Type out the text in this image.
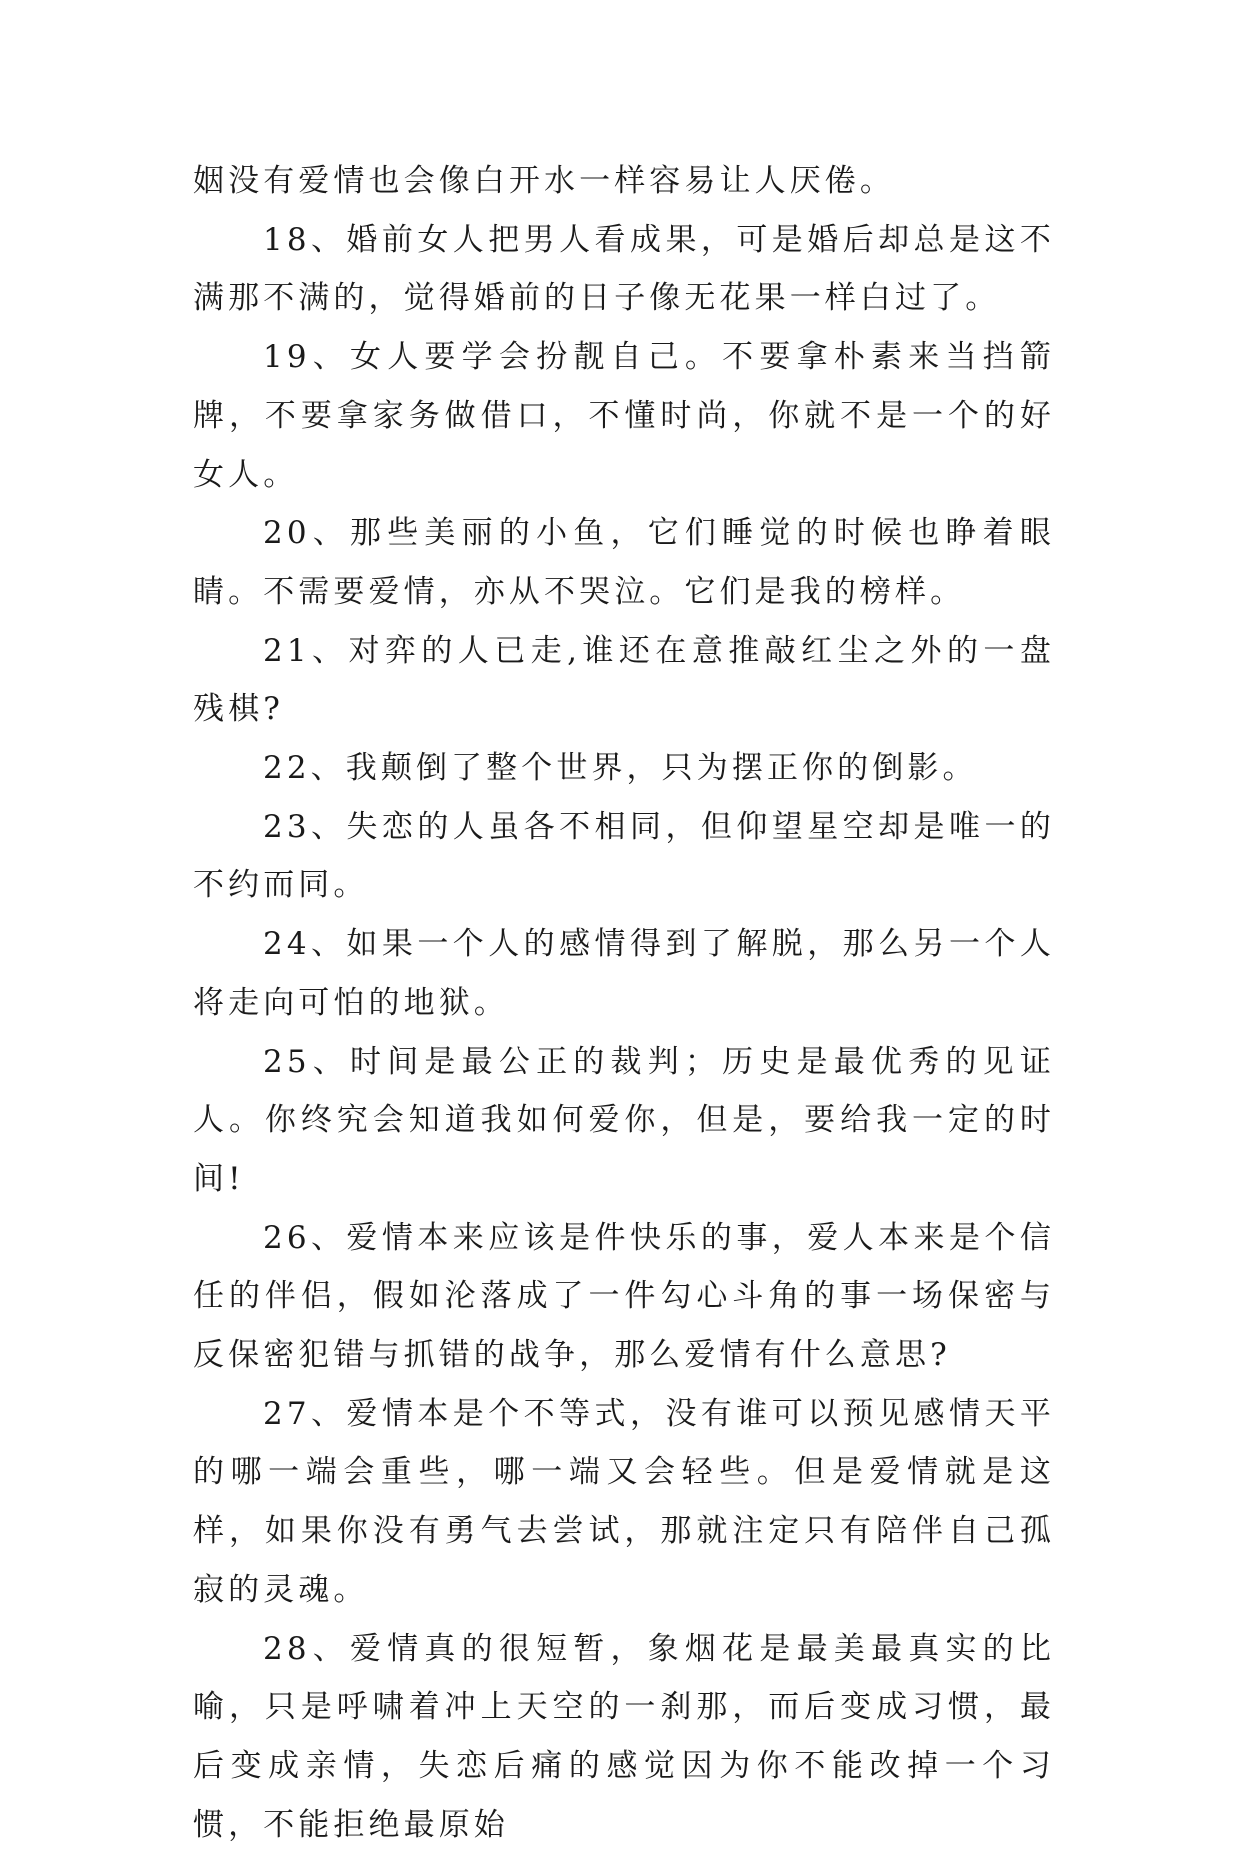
姻没有爱情也会像白开水一样容易让人厌倦。

18、婚前女人把男人看成果，可是婚后却总是这不满那不满的，觉得婚前的日子像无花果一样白过了。

19、女人要学会扮靓自己。不要拿朴素来当挡箭牌，不要拿家务做借口，不懂时尚，你就不是一个的好女人。

20、那些美丽的小鱼，它们睡觉的时候也睁着眼睛。不需要爱情，亦从不哭泣。它们是我的榜样。

21、对弈的人已走,谁还在意推敲红尘之外的一盘残棋?

22、我颠倒了整个世界，只为摆正你的倒影。

23、失恋的人虽各不相同，但仰望星空却是唯一的不约而同。

24、如果一个人的感情得到了解脱，那么另一个人将走向可怕的地狱。

25、时间是最公正的裁判；历史是最优秀的见证人。你终究会知道我如何爱你，但是，要给我一定的时间!

26、爱情本来应该是件快乐的事，爱人本来是个信任的伴侣，假如沦落成了一件勾心斗角的事一场保密与反保密犯错与抓错的战争，那么爱情有什么意思?

27、爱情本是个不等式，没有谁可以预见感情天平的哪一端会重些，哪一端又会轻些。但是爱情就是这样，如果你没有勇气去尝试，那就注定只有陪伴自己孤寂的灵魂。

28、爱情真的很短暂，象烟花是最美最真实的比喻，只是呼啸着冲上天空的一刹那，而后变成习惯，最后变成亲情，失恋后痛的感觉因为你不能改掉一个习惯，不能拒绝最原始
